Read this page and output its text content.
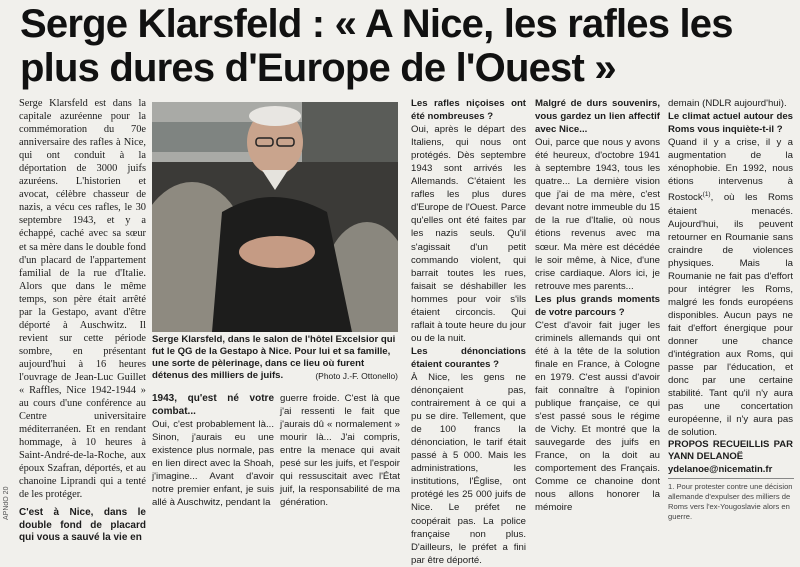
Serge Klarsfeld : « A Nice, les rafles les plus dures d'Europe de l'Ouest »

Serge Klarsfeld est dans la capitale azuréenne pour la commémoration du 70e anniversaire des rafles à Nice, qui ont conduit à la déportation de 3000 juifs azuréens. L'historien et avocat, célèbre chasseur de nazis, a vécu ces rafles, le 30 septembre 1943, et y a échappé, caché avec sa sœur et sa mère dans le double fond d'un placard de l'appartement familial de la rue d'Italie. Alors que dans le même temps, son père était arrêté par la Gestapo, avant d'être déporté à Auschwitz. Il revient sur cette période sombre, en présentant aujourd'hui à 16 heures l'ouvrage de Jean-Luc Guillet « Raffles, Nice 1942-1944 » au cours d'une conférence au Centre universitaire méditerranéen. Et en rendant hommage, à 10 heures à Saint-André-de-la-Roche, aux époux Szafran, déportés, et au chanoine Liprandi qui a tenté de les protéger.

C'est à Nice, dans le double fond de placard qui vous a sauvé la vie en

Serge Klarsfeld, dans le salon de l'hôtel Excelsior qui fut le QG de la Gestapo à Nice. Pour lui et sa famille, une sorte de pèlerinage, dans ce lieu où furent détenus des milliers de juifs.	(Photo J.-F. Ottonello)

1943, qu'est né votre combat...

Oui, c'est probablement là... Sinon, j'aurais eu une existence plus normale, pas en lien direct avec la Shoah, j'imagine... Avant d'avoir notre premier enfant, je suis allé à Auschwitz, pendant la

guerre froide. C'est là que j'ai ressenti le fait que j'aurais dû « normalement » mourir là... J'ai compris, entre la menace qui avait pesé sur les juifs, et l'espoir qui ressuscitait avec l'État juif, la responsabilité de ma génération.

Les rafles niçoises ont été nombreuses ?

Oui, après le départ des Italiens, qui nous ont protégés. Dès septembre 1943 sont arrivés les Allemands. C'étaient les rafles les plus dures d'Europe de l'Ouest. Parce qu'elles ont été faites par les nazis seuls. Qu'il s'agissait d'un petit commando violent, qui barrait toutes les rues, faisait se déshabiller les hommes pour voir s'ils étaient circoncis. Qui raflait à toute heure du jour ou de la nuit.

Les dénonciations étaient courantes ?

À Nice, les gens ne dénonçaient pas, contrairement à ce qui a pu se dire. Tellement, que de 100 francs la dénonciation, le tarif était passé à 5 000. Mais les administrations, les institutions, l'Église, ont protégé les 25 000 juifs de Nice. Le préfet ne coopérait pas. La police française non plus. D'ailleurs, le préfet a fini par être déporté.

Malgré de durs souvenirs, vous gardez un lien affectif avec Nice...

Oui, parce que nous y avons été heureux, d'octobre 1941 à septembre 1943, tous les quatre... La dernière vision que j'ai de ma mère, c'est devant notre immeuble du 15 de la rue d'Italie, où nous étions revenus avec ma sœur. Ma mère est décédée le soir même, à Nice, d'une crise cardiaque. Alors ici, je retrouve mes parents...

Les plus grands moments de votre parcours ?

C'est d'avoir fait juger les criminels allemands qui ont été à la tête de la solution finale en France, à Cologne en 1979. C'est aussi d'avoir fait connaître à l'opinion publique française, ce qui s'est passé sous le régime de Vichy. Et montré que la sauvegarde des juifs en France, on la doit au comportement des Français. Comme ce chanoine dont nous allons honorer la mémoire

demain (NDLR aujourd'hui).

Le climat actuel autour des Roms vous inquiète-t-il ?

Quand il y a crise, il y a augmentation de la xénophobie. En 1992, nous étions intervenus à Rostock$^{(1)}$, où les Roms étaient menacés. Aujourd'hui, ils peuvent retourner en Roumanie sans craindre de violences physiques. Mais la Roumanie ne fait pas d'effort pour intégrer les Roms, malgré les fonds européens disponibles. Aucun pays ne fait d'effort énergique pour donner une chance d'intégration aux Roms, qui passe par l'éducation, et donc par une certaine stabilité. Tant qu'il n'y aura pas une concertation européenne, il n'y aura pas de solution.

PROPOS RECUEILLIS PAR YANN DELANOË

ydelanoe@nicematin.fr

1. Pour protester contre une décision allemande d'expulser des milliers de Roms vers l'ex-Yougoslavie alors en guerre.
APNdO 20
